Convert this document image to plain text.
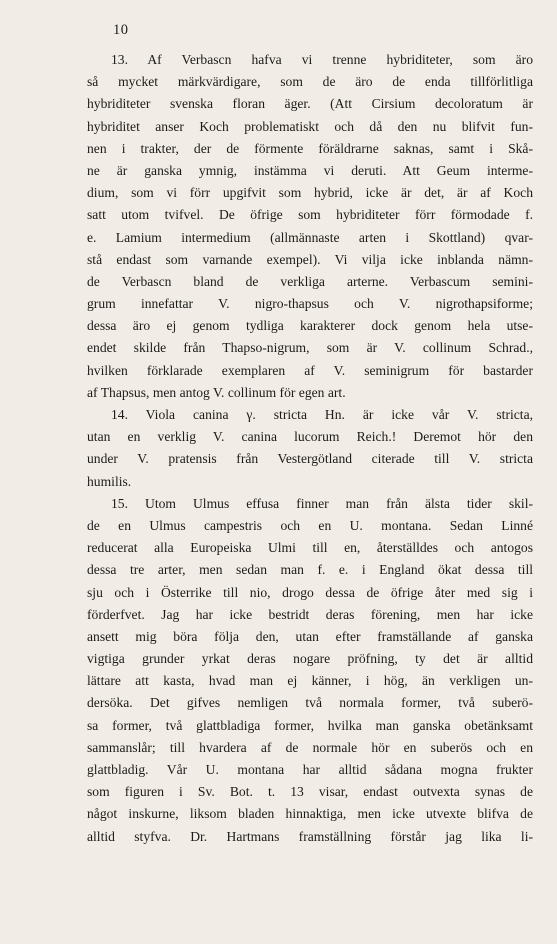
10
13. Af Verbascn hafva vi trenne hybriditeter, som äro
så mycket märkvärdigare, som de äro de enda tillförlitliga
hybriditeter svenska floran äger. (Att Cirsium decoloratum är
hybriditet anser Koch problematiskt och då den nu blifvit fun-
nen i trakter, der de förmente föräldrarne saknas, samt i Skå-
ne är ganska ymnig, instämma vi deruti. Att Geum interme-
dium, som vi förr upgifvit som hybrid, icke är det, är af Koch
satt utom tvifvel. De öfrige som hybriditeter förr förmodade f.
e. Lamium intermedium (allmännaste arten i Skottland) qvar-
stå endast som varnande exempel). Vi vilja icke inblanda nämn-
de Verbascn bland de verkliga arterne. Verbascum semini-
grum innefattar V. nigro-thapsus och V. nigrothapsiforme;
dessa äro ej genom tydliga karakterer dock genom hela utse-
endet skilde från Thapso-nigrum, som är V. collinum Schrad.,
hvilken förklarade exemplaren af V. seminigrum för bastarder
af Thapsus, men antog V. collinum för egen art.
14. Viola canina γ. stricta Hn. är icke vår V. stricta,
utan en verklig V. canina lucorum Reich.! Deremot hör den
under V. pratensis från Vestergötland citerade till V. stricta
humilis.
15. Utom Ulmus effusa finner man från älsta tider skil-
de en Ulmus campestris och en U. montana. Sedan Linné
reducerat alla Europeiska Ulmi till en, återställdes och antogos
dessa tre arter, men sedan man f. e. i England ökat dessa till
sju och i Österrike till nio, drogo dessa de öfrige åter med sig i
förderfvet. Jag har icke bestridt deras förening, men har icke
ansett mig böra följa den, utan efter framställande af ganska
vigtiga grunder yrkat deras nogare pröfning, ty det är alltid
lättare att kasta, hvad man ej känner, i hög, än verkligen un-
dersöka. Det gifves nemligen två normala former, två suberö-
sa former, två glattbladiga former, hvilka man ganska obetänksamt
sammanslår; till hvardera af de normale hör en suberös och en
glattbladig. Vår U. montana har alltid sådana mogna frukter
som figuren i Sv. Bot. t. 13 visar, endast outvexta synas de
något inskurne, liksom bladen hinnaktiga, men icke utvexte blifva de
alltid styfva. Dr. Hartmans framställning förstår jag lika li-
